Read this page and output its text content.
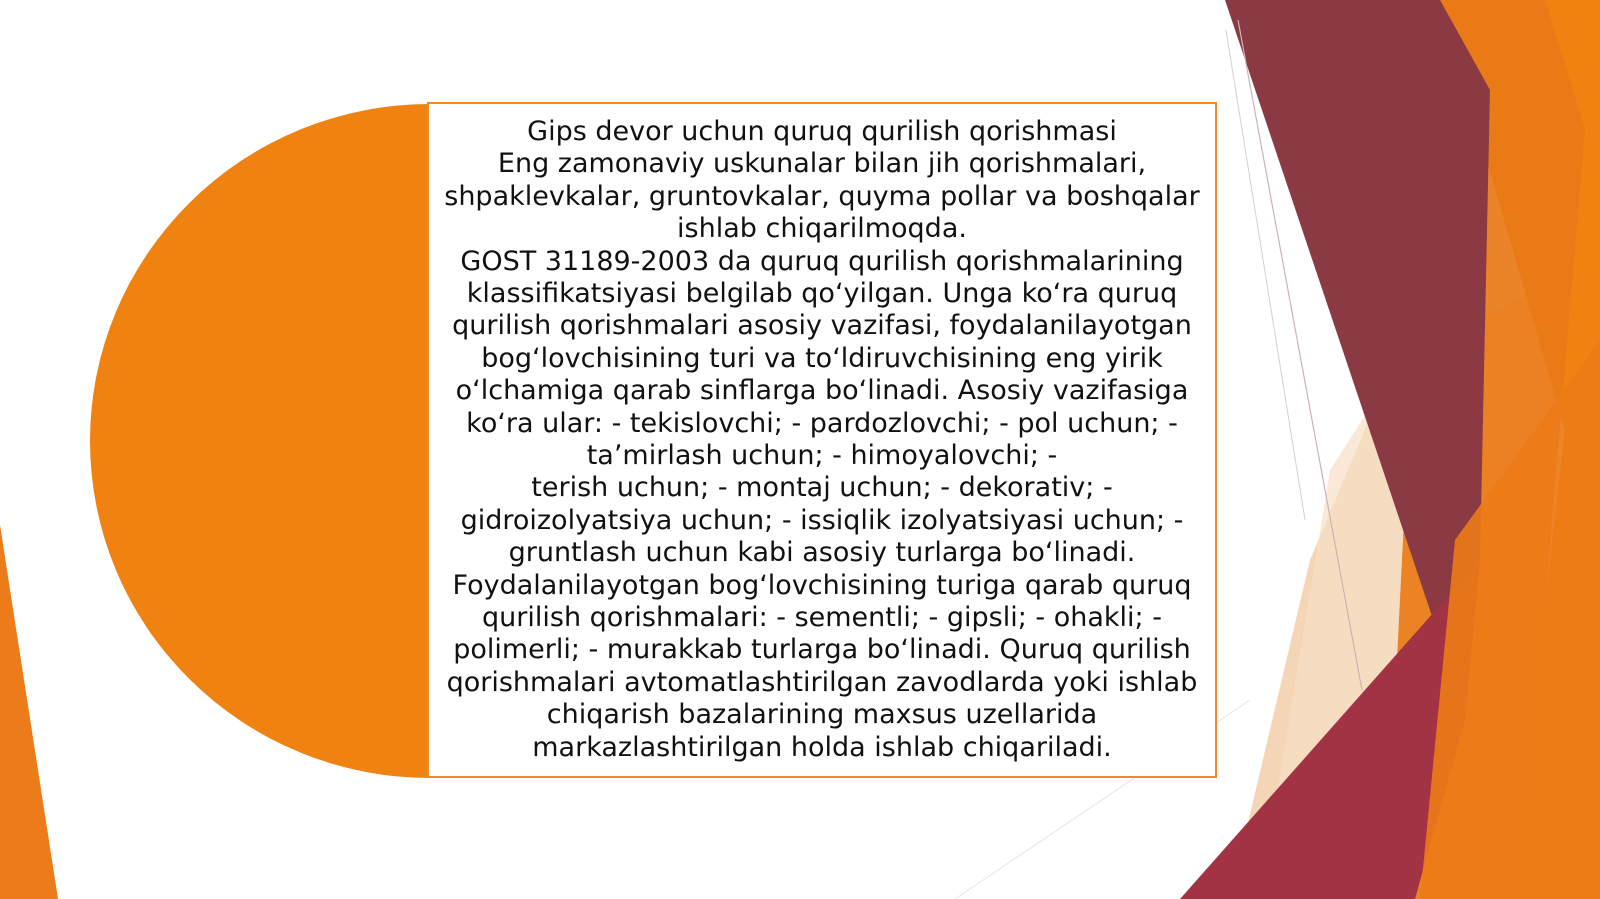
Gips devor uchun quruq qurilish qorishmasi
Eng zamonaviy uskunalar bilan jih qorishmalari, shpaklevkalar, gruntovkalar, quyma pollar va boshqalar ishlab chiqarilmoqda.
GOST 31189-2003 da quruq qurilish qorishmalarining klassifikatsiyasi belgilab qoʻyilgan. Unga koʻra quruq qurilish qorishmalari asosiy vazifasi, foydalanilayotgan bogʻlovchisining turi va toʻldiruvchisining eng yirik oʻlchamiga qarab sinflarga boʻlinadi. Asosiy vazifasiga koʻra ular: - tekislovchi; - pardozlovchi; - pol uchun; - taʼmirlash uchun; - himoyalovchi; -
terish uchun; - montaj uchun; - dekorativ; - gidroizolyatsiya uchun; - issiqlik izolyatsiyasi uchun; - gruntlash uchun kabi asosiy turlarga boʻlinadi.
Foydalanilayotgan bogʻlovchisining turiga qarab quruq qurilish qorishmalari: - sementli; - gipsli; - ohakli; - polimerli; - murakkab turlarga boʻlinadi. Quruq qurilish qorishmalari avtomatlashtirilgan zavodlarda yoki ishlab chiqarish bazalarining maxsus uzellarida markazlashtirilgan holda ishlab chiqariladi.
